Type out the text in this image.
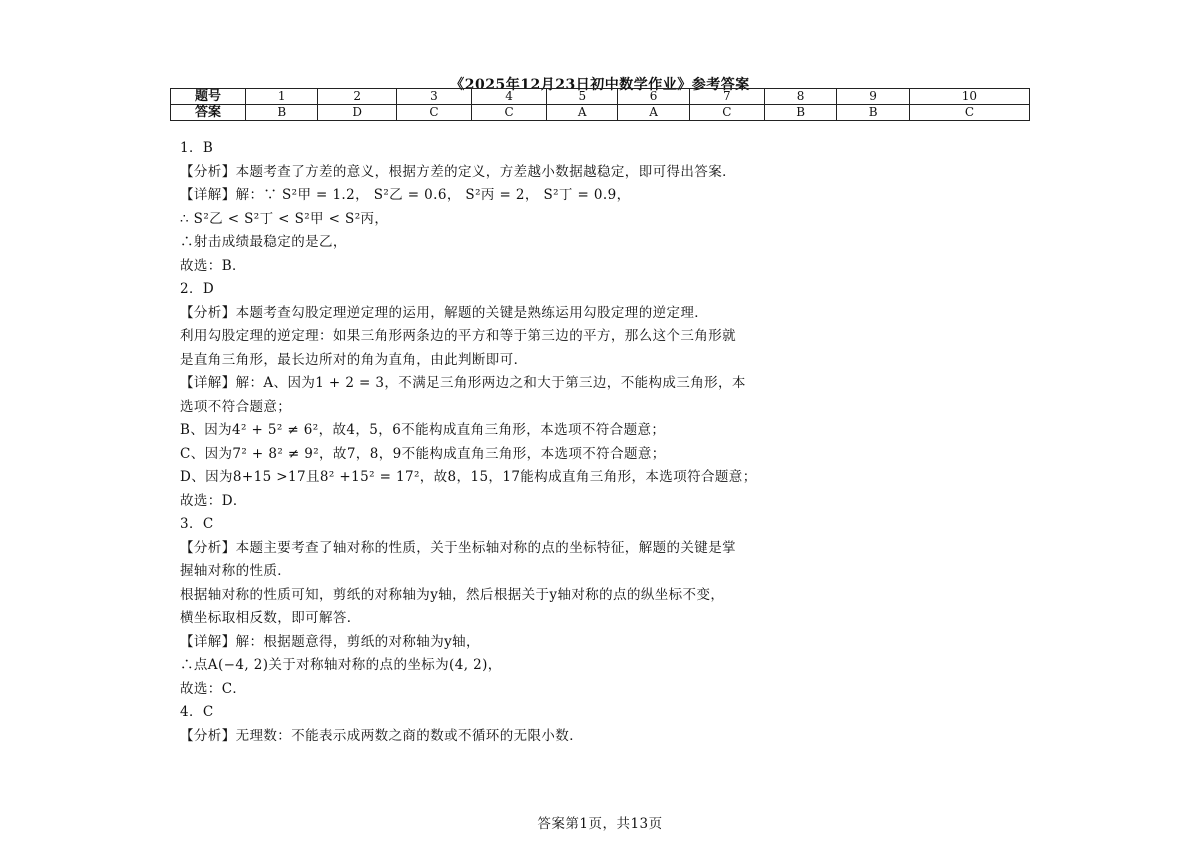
《2025年12月23日初中数学作业》参考答案
题号	1	2	3	4	5	6	7	8	9	10
答案	B	D	C	C	A	A	C	B	B	C

1．B

【分析】本题考查了方差的意义，根据方差的定义，方差越小数据越稳定，即可得出答案．

【详解】解：∵ S²甲 = 1.2， S²乙 = 0.6， S²丙 = 2， S²丁 = 0.9，

∴ S²乙 < S²丁 < S²甲 < S²丙，

∴射击成绩最稳定的是乙，

故选：B．

2．D

【分析】本题考查勾股定理逆定理的运用，解题的关键是熟练运用勾股定理的逆定理．

利用勾股定理的逆定理：如果三角形两条边的平方和等于第三边的平方，那么这个三角形就

是直角三角形，最长边所对的角为直角，由此判断即可．

【详解】解：A、因为1 + 2 = 3，不满足三角形两边之和大于第三边，不能构成三角形，本

选项不符合题意；

B、因为4² + 5² ≠ 6²，故4，5，6不能构成直角三角形，本选项不符合题意；

C、因为7² + 8² ≠ 9²，故7，8，9不能构成直角三角形，本选项不符合题意；

D、因为8+15 >17且8² +15² = 17²，故8，15，17能构成直角三角形，本选项符合题意；

故选：D．

3．C

【分析】本题主要考查了轴对称的性质，关于坐标轴对称的点的坐标特征，解题的关键是掌

握轴对称的性质．

根据轴对称的性质可知，剪纸的对称轴为y轴，然后根据关于y轴对称的点的纵坐标不变，

横坐标取相反数，即可解答．

【详解】解：根据题意得，剪纸的对称轴为y轴，

∴点A(−4, 2)关于对称轴对称的点的坐标为(4, 2)，

故选：C．

4．C

【分析】无理数：不能表示成两数之商的数或不循环的无限小数．

答案第1页，共13页
